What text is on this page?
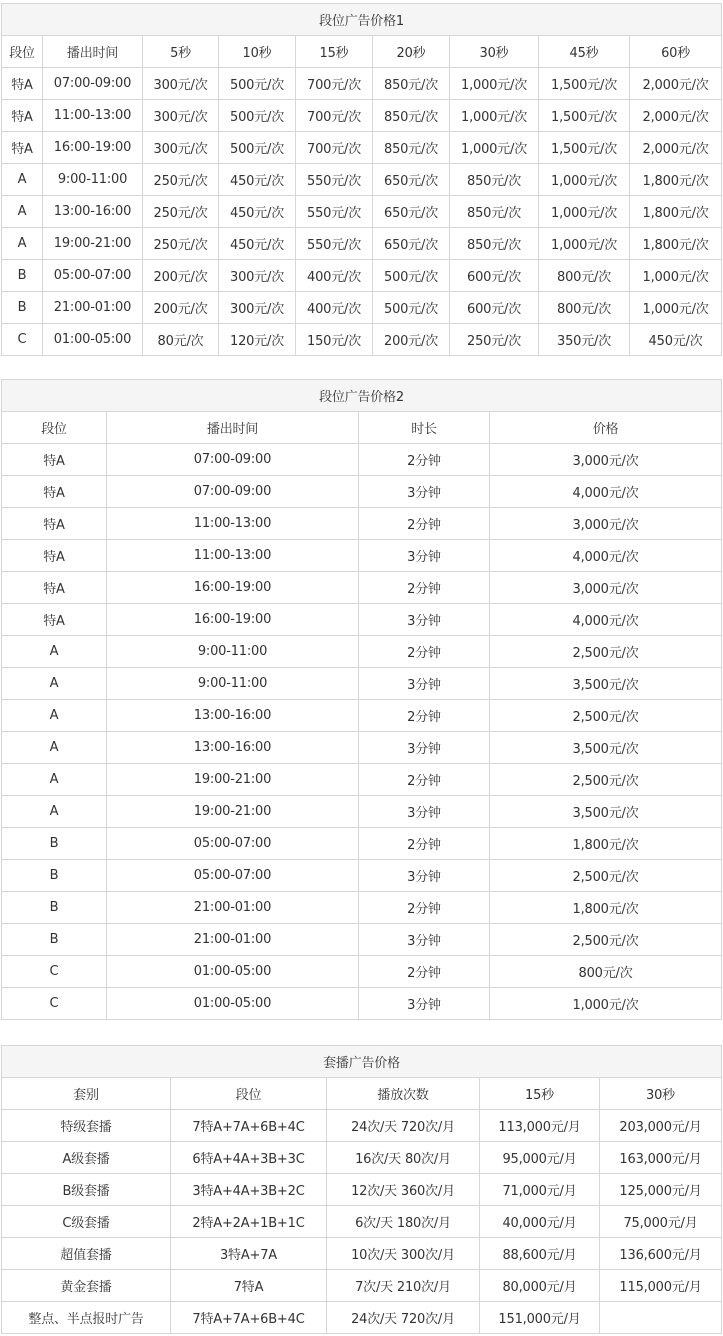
段位广告价格1								
段位	播出时间	5秒	10秒	15秒	20秒	30秒	45秒	60秒
特A	07:00-09:00	300元/次	500元/次	700元/次	850元/次	1,000元/次	1,500元/次	2,000元/次
特A	11:00-13:00	300元/次	500元/次	700元/次	850元/次	1,000元/次	1,500元/次	2,000元/次
特A	16:00-19:00	300元/次	500元/次	700元/次	850元/次	1,000元/次	1,500元/次	2,000元/次
A	9:00-11:00	250元/次	450元/次	550元/次	650元/次	850元/次	1,000元/次	1,800元/次
A	13:00-16:00	250元/次	450元/次	550元/次	650元/次	850元/次	1,000元/次	1,800元/次
A	19:00-21:00	250元/次	450元/次	550元/次	650元/次	850元/次	1,000元/次	1,800元/次
B	05:00-07:00	200元/次	300元/次	400元/次	500元/次	600元/次	800元/次	1,000元/次
B	21:00-01:00	200元/次	300元/次	400元/次	500元/次	600元/次	800元/次	1,000元/次
C	01:00-05:00	80元/次	120元/次	150元/次	200元/次	250元/次	350元/次	450元/次
段位广告价格2			
段位	播出时间	时长	价格
特A	07:00-09:00	2分钟	3,000元/次
特A	07:00-09:00	3分钟	4,000元/次
特A	11:00-13:00	2分钟	3,000元/次
特A	11:00-13:00	3分钟	4,000元/次
特A	16:00-19:00	2分钟	3,000元/次
特A	16:00-19:00	3分钟	4,000元/次
A	9:00-11:00	2分钟	2,500元/次
A	9:00-11:00	3分钟	3,500元/次
A	13:00-16:00	2分钟	2,500元/次
A	13:00-16:00	3分钟	3,500元/次
A	19:00-21:00	2分钟	2,500元/次
A	19:00-21:00	3分钟	3,500元/次
B	05:00-07:00	2分钟	1,800元/次
B	05:00-07:00	3分钟	2,500元/次
B	21:00-01:00	2分钟	1,800元/次
B	21:00-01:00	3分钟	2,500元/次
C	01:00-05:00	2分钟	800元/次
C	01:00-05:00	3分钟	1,000元/次
套播广告价格				
套别	段位	播放次数	15秒	30秒
特级套播	7特A+7A+6B+4C	24次/天 720次/月	113,000元/月	203,000元/月
A级套播	6特A+4A+3B+3C	16次/天 80次/月	95,000元/月	163,000元/月
B级套播	3特A+4A+3B+2C	12次/天 360次/月	71,000元/月	125,000元/月
C级套播	2特A+2A+1B+1C	6次/天 180次/月	40,000元/月	75,000元/月
超值套播	3特A+7A	10次/天 300次/月	88,600元/月	136,600元/月
黄金套播	7特A	7次/天 210次/月	80,000元/月	115,000元/月
整点、半点报时广告	7特A+7A+6B+4C	24次/天 720次/月	151,000元/月	
